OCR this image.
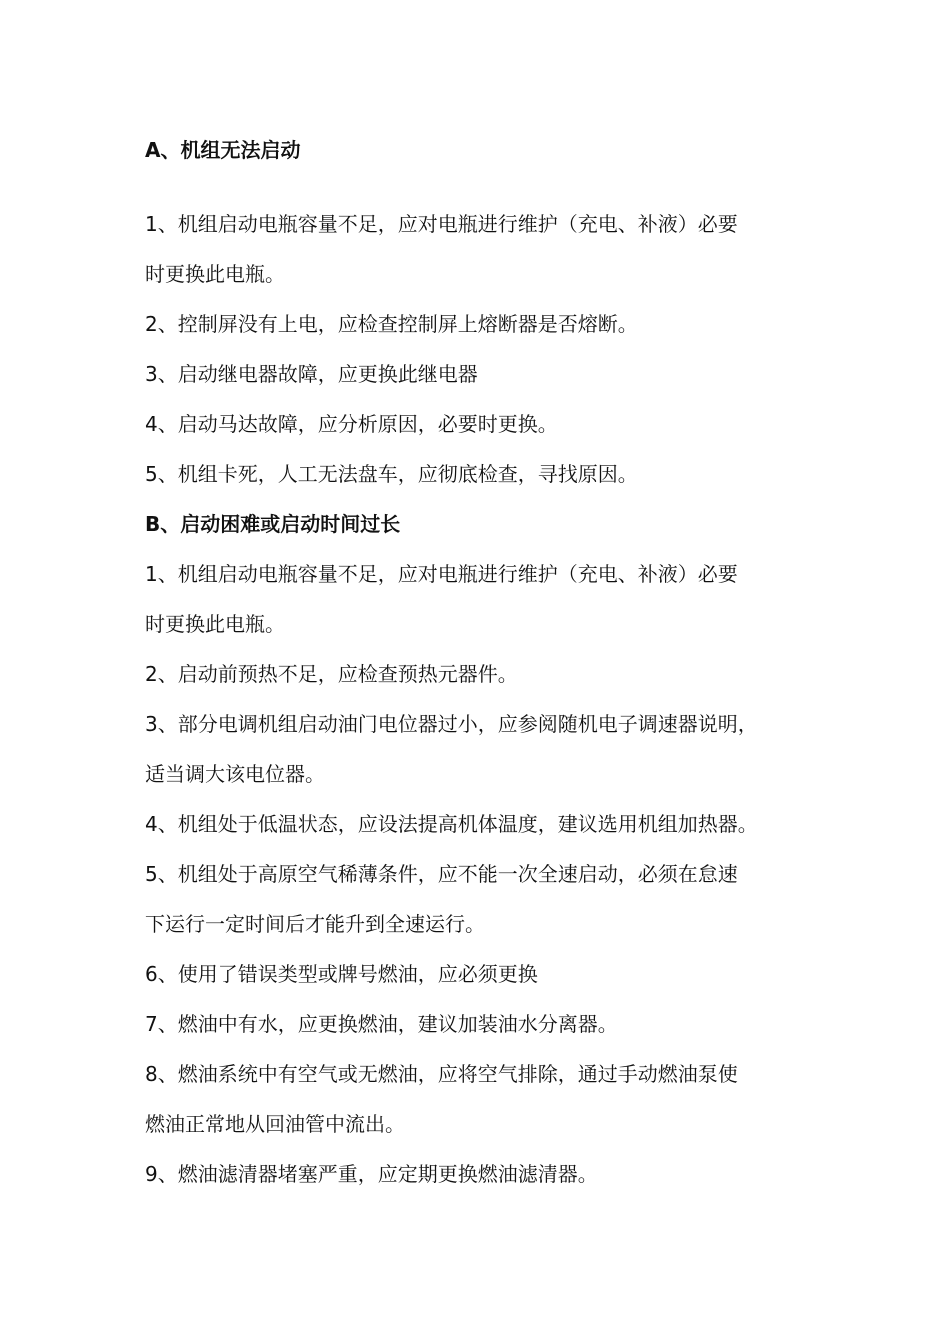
A、机组无法启动

1、机组启动电瓶容量不足，应对电瓶进行维护（充电、补液）必要

时更换此电瓶。

2、控制屏没有上电，应检查控制屏上熔断器是否熔断。

3、启动继电器故障，应更换此继电器

4、启动马达故障，应分析原因，必要时更换。

5、机组卡死，人工无法盘车，应彻底检查，寻找原因。

B、启动困难或启动时间过长

1、机组启动电瓶容量不足，应对电瓶进行维护（充电、补液）必要

时更换此电瓶。

2、启动前预热不足，应检查预热元器件。

3、部分电调机组启动油门电位器过小，应参阅随机电子调速器说明，

适当调大该电位器。

4、机组处于低温状态，应设法提高机体温度，建议选用机组加热器。

5、机组处于高原空气稀薄条件，应不能一次全速启动，必须在怠速

下运行一定时间后才能升到全速运行。

6、使用了错误类型或牌号燃油，应必须更换

7、燃油中有水，应更换燃油，建议加装油水分离器。

8、燃油系统中有空气或无燃油，应将空气排除，通过手动燃油泵使

燃油正常地从回油管中流出。

9、燃油滤清器堵塞严重，应定期更换燃油滤清器。
